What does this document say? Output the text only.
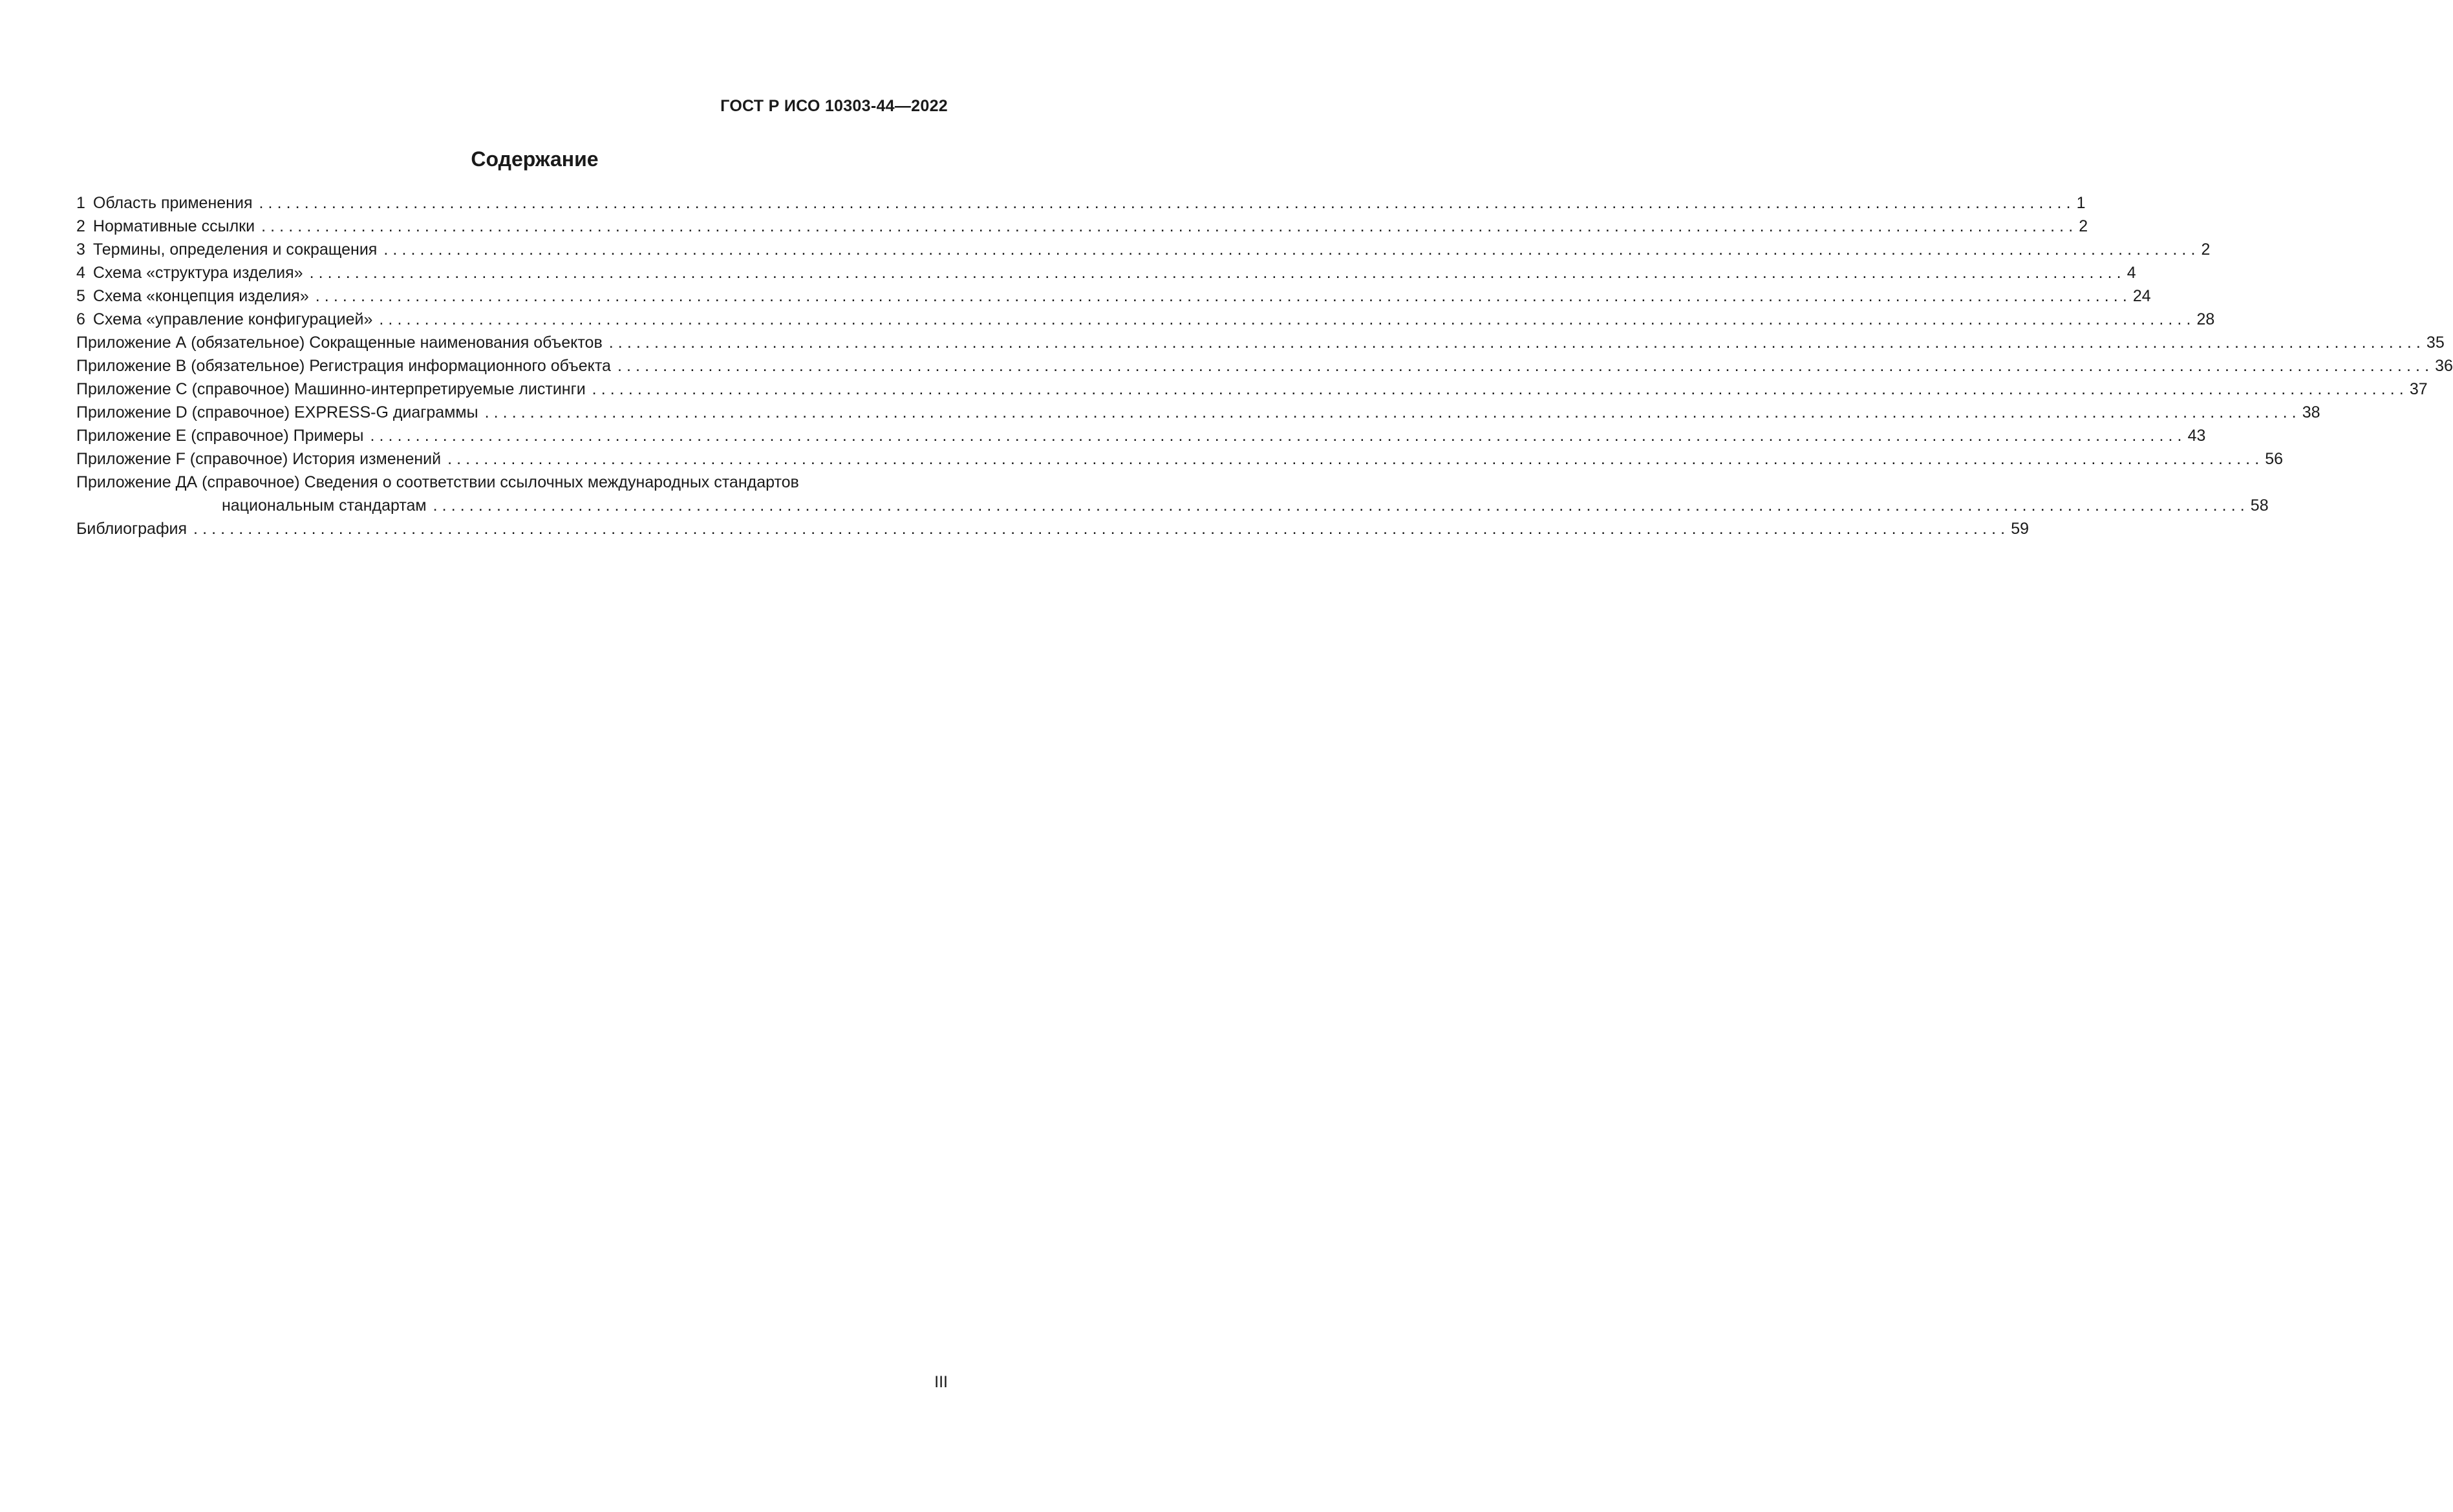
ГОСТ Р ИСО 10303-44—2022
Содержание
1 Область применения ........................................................................................................................................................................................................ 1
2 Нормативные ссылки ........................................................................................................................................................................................................ 2
3 Термины, определения и сокращения ........................................................................................................................................................................................................ 2
4 Схема «структура изделия» ........................................................................................................................................................................................................ 4
5 Схема «концепция изделия» ........................................................................................................................................................................................................ 24
6 Схема «управление конфигурацией» ........................................................................................................................................................................................................ 28
Приложение А (обязательное) Сокращенные наименования объектов ........................................................................................................................................................................................................ 35
Приложение В (обязательное) Регистрация информационного объекта ........................................................................................................................................................................................................ 36
Приложение С (справочное) Машинно-интерпретируемые листинги ........................................................................................................................................................................................................ 37
Приложение D (справочное) EXPRESS-G диаграммы ........................................................................................................................................................................................................ 38
Приложение Е (справочное) Примеры ........................................................................................................................................................................................................ 43
Приложение F (справочное) История изменений ........................................................................................................................................................................................................ 56
Приложение ДА (справочное) Сведения о соответствии ссылочных международных стандартов
национальным стандартам ........................................................................................................................................................................................................ 58
Библиография ........................................................................................................................................................................................................ 59
III
